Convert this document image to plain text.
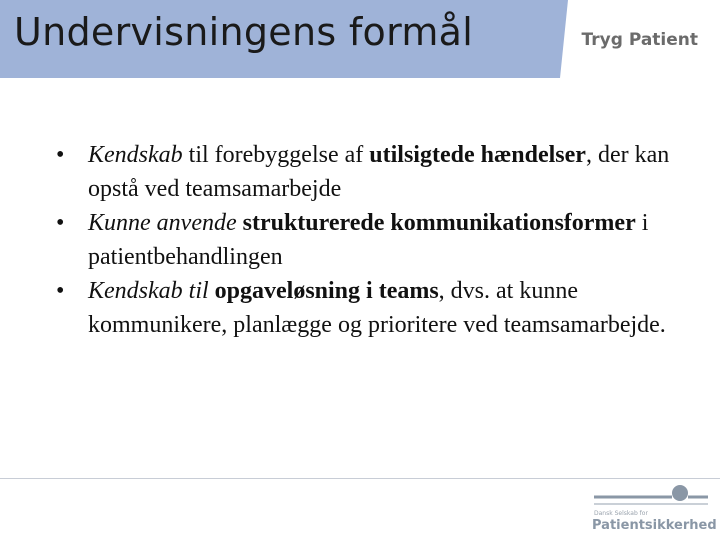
Undervisningens formål	Tryg Patient
• Kendskab til forebyggelse af utilsigtede hændelser, der kan opstå ved teamsamarbejde
• Kunne anvende strukturerede kommunikationsformer i patientbehandlingen
• Kendskab til opgaveløsning i teams, dvs. at kunne kommunikere, planlægge og prioritere ved teamsamarbejde.
Dansk Selskab for
Patientsikkerhed
